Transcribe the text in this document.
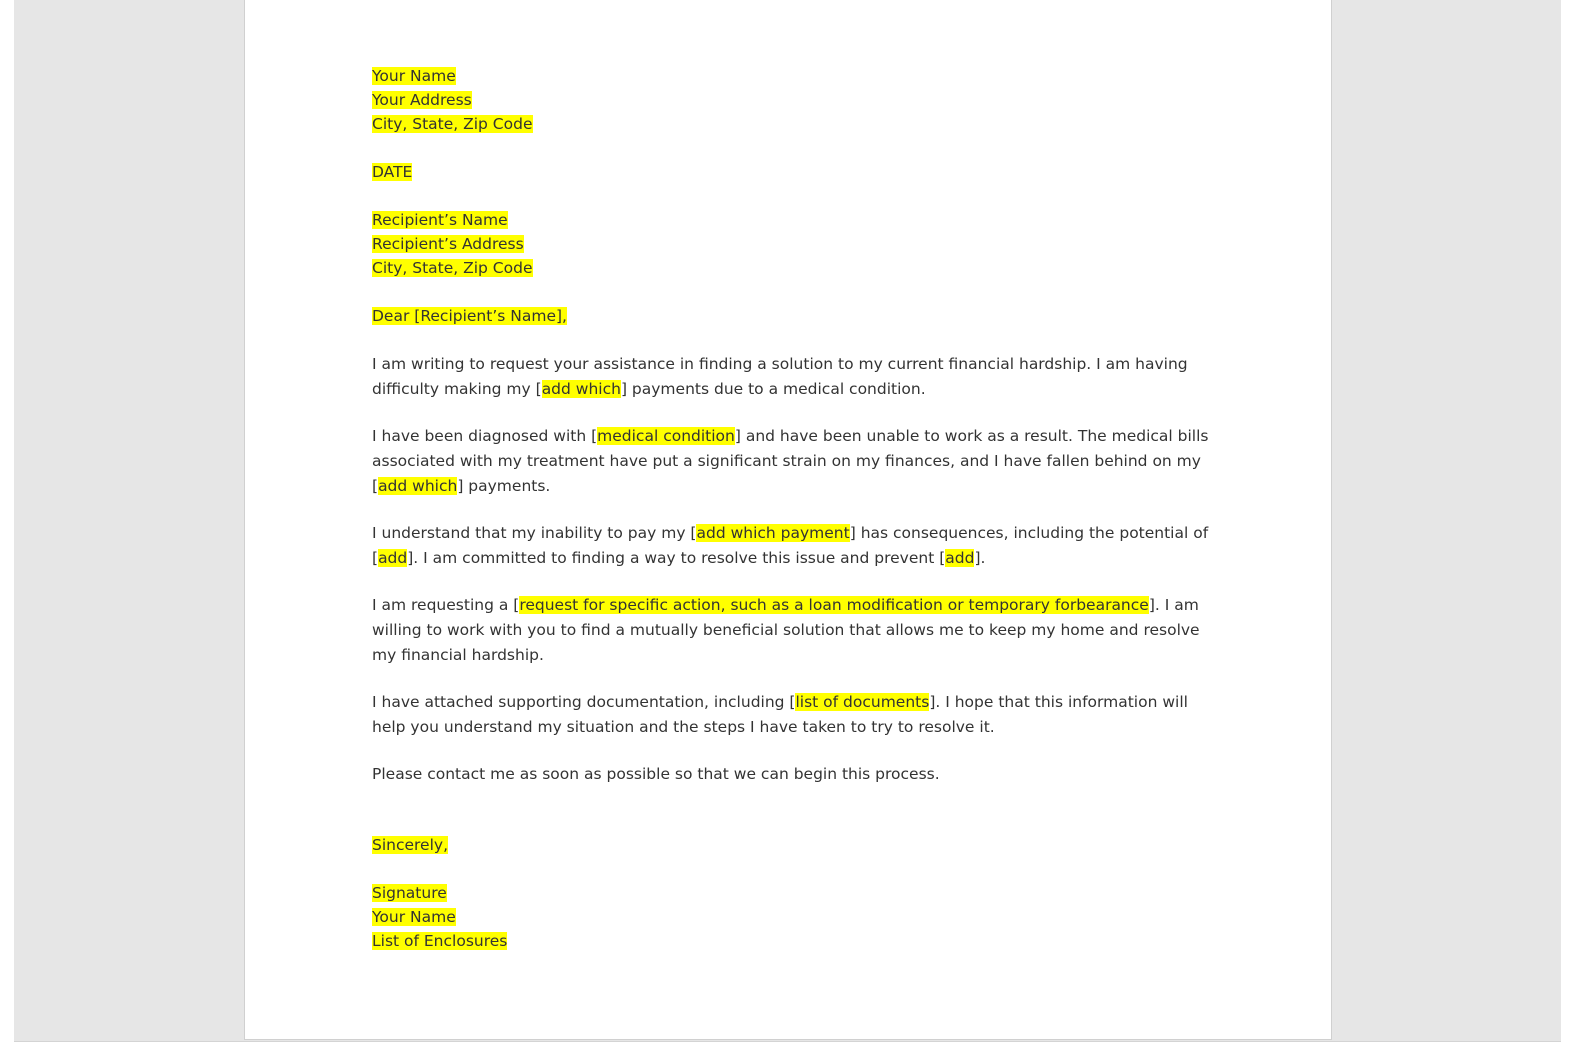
Your Name
Your Address
City, State, Zip Code
DATE
Recipient’s Name
Recipient’s Address
City, State, Zip Code
Dear [Recipient’s Name],

I am writing to request your assistance in finding a solution to my current financial hardship. I am having difficulty making my [add which] payments due to a medical condition.

I have been diagnosed with [medical condition] and have been unable to work as a result. The medical bills associated with my treatment have put a significant strain on my finances, and I have fallen behind on my [add which] payments.

I understand that my inability to pay my [add which payment] has consequences, including the potential of [add]. I am committed to finding a way to resolve this issue and prevent [add].

I am requesting a [request for specific action, such as a loan modification or temporary forbearance]. I am willing to work with you to find a mutually beneficial solution that allows me to keep my home and resolve my financial hardship.

I have attached supporting documentation, including [list of documents]. I hope that this information will help you understand my situation and the steps I have taken to try to resolve it.

Please contact me as soon as possible so that we can begin this process.

Sincerely,
Signature
Your Name
List of Enclosures
